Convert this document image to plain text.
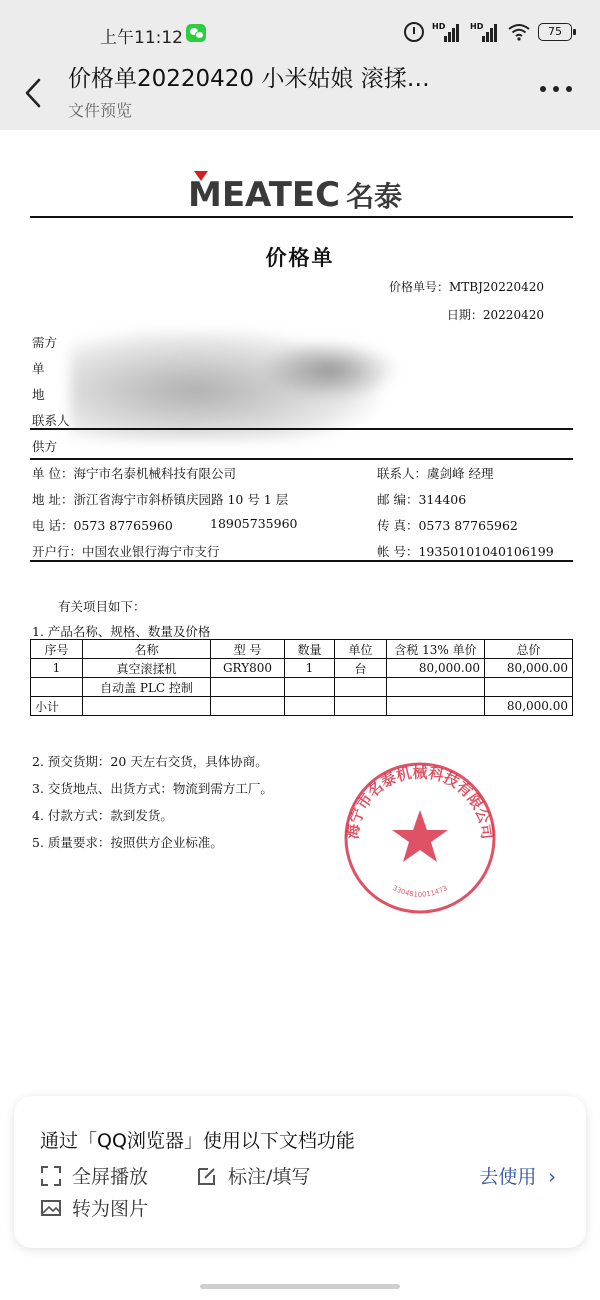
上午11:12
HD	HD	75
价格单20220420 小米姑娘 滚揉…
文件预览
MEATEC 名泰
价格单
价格单号：MTBJ20220420
日期：20220420
需方
单
地
联系人
供方
单 位：海宁市名泰机械科技有限公司	联系人：虞剑峰 经理
地 址：浙江省海宁市斜桥镇庆园路 10 号 1 层	邮 编：314406
电 话：0573 87765960	18905735960	传 真：0573 87765962
开户行：中国农业银行海宁市支行	帐 号：19350101040106199
有关项目如下：
1. 产品名称、规格、数量及价格
序号	名称	型 号	数量	单位	含税 13% 单价	总价
1	真空滚揉机	GRY800	1	台	80,000.00	80,000.00
	自动盖 PLC 控制					
小计						80,000.00
2. 预交货期：20 天左右交货，具体协商。
3. 交货地点、出货方式：物流到需方工厂。
4. 付款方式：款到发货。
5. 质量要求：按照供方企业标准。
海宁市名泰机械科技有限公司
3304810011473
通过「QQ浏览器」使用以下文档功能
全屏播放	标注/填写
转为图片
去使用 ›
